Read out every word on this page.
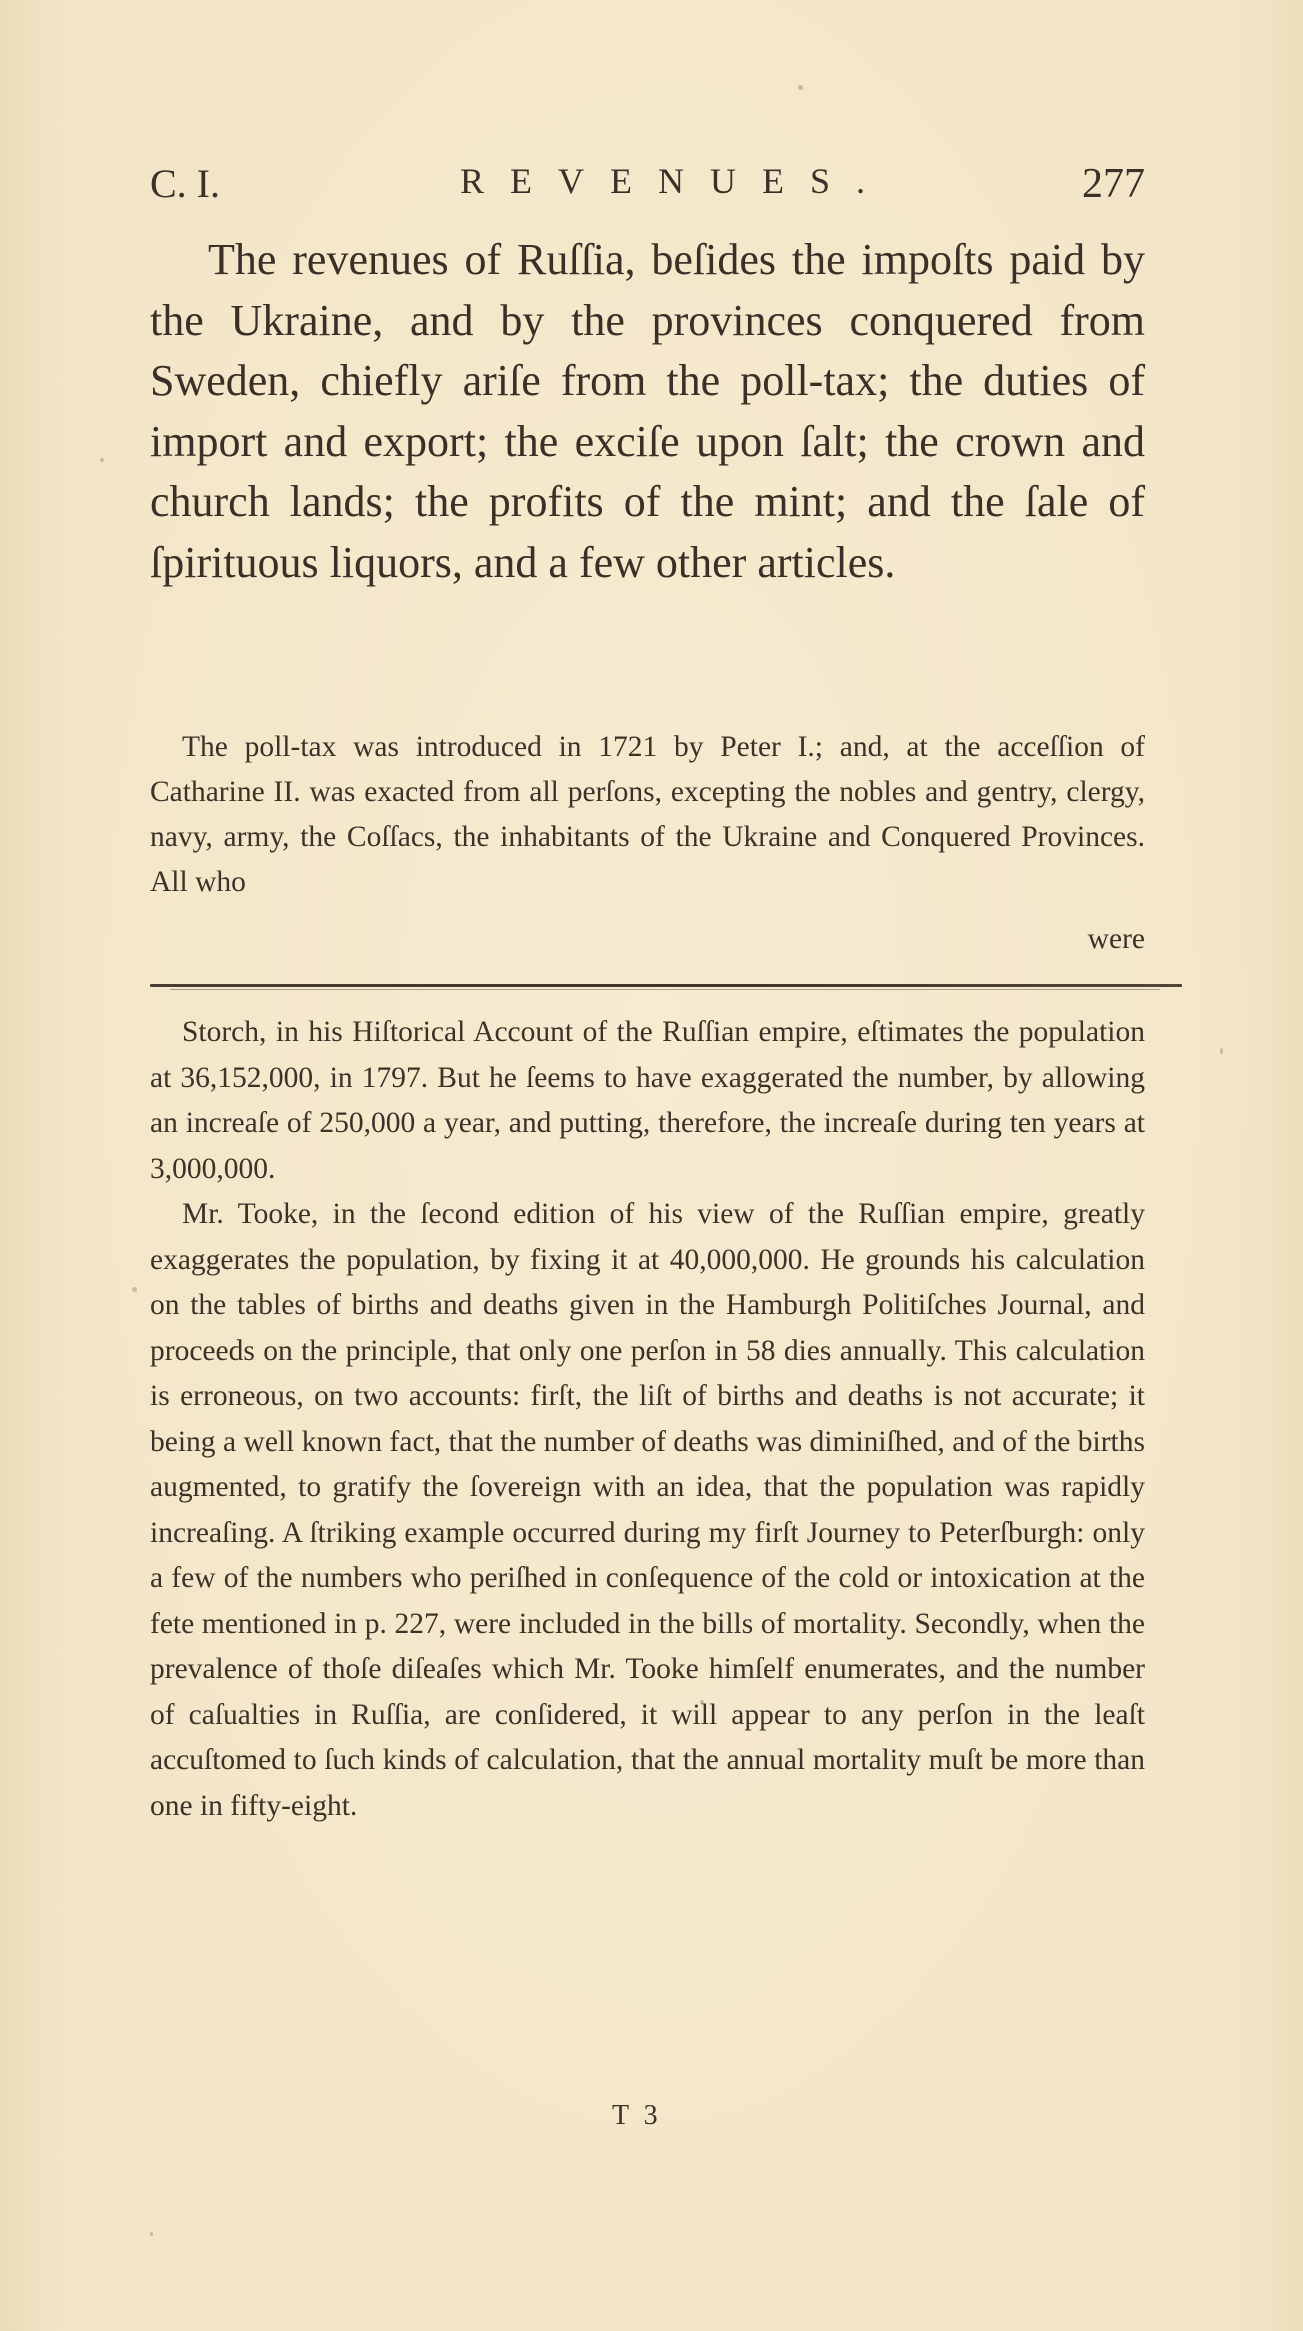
C. I.	REVENUES.	277

The revenues of Ruſſia, beſides the impoſts paid by the Ukraine, and by the provinces conquered from Sweden, chiefly ariſe from the poll-tax; the duties of import and export; the exciſe upon ſalt; the crown and church lands; the profits of the mint; and the ſale of ſpirituous liquors, and a few other articles.

The poll-tax was introduced in 1721 by Peter I.; and, at the acceſſion of Catharine II. was exacted from all perſons, excepting the nobles and gentry, clergy, navy, army, the Coſſacs, the inhabitants of the Ukraine and Conquered Provinces. All who

were

Storch, in his Hiſtorical Account of the Ruſſian empire, eſtimates the population at 36,152,000, in 1797. But he ſeems to have exaggerated the number, by allowing an increaſe of 250,000 a year, and putting, therefore, the increaſe during ten years at 3,000,000.

Mr. Tooke, in the ſecond edition of his view of the Ruſſian empire, greatly exaggerates the population, by fixing it at 40,000,000. He grounds his calculation on the tables of births and deaths given in the Hamburgh Politiſches Journal, and proceeds on the principle, that only one perſon in 58 dies annually. This calculation is erroneous, on two accounts: firſt, the liſt of births and deaths is not accurate; it being a well known fact, that the number of deaths was diminiſhed, and of the births augmented, to gratify the ſovereign with an idea, that the population was rapidly increaſing. A ſtriking example occurred during my firſt Journey to Peterſburgh: only a few of the numbers who periſhed in conſequence of the cold or intoxication at the fete mentioned in p. 227, were included in the bills of mortality. Secondly, when the prevalence of thoſe diſeaſes which Mr. Tooke himſelf enumerates, and the number of caſualties in Ruſſia, are conſidered, it will appear to any perſon in the leaſt accuſtomed to ſuch kinds of calculation, that the annual mortality muſt be more than one in fifty-eight.

T 3
